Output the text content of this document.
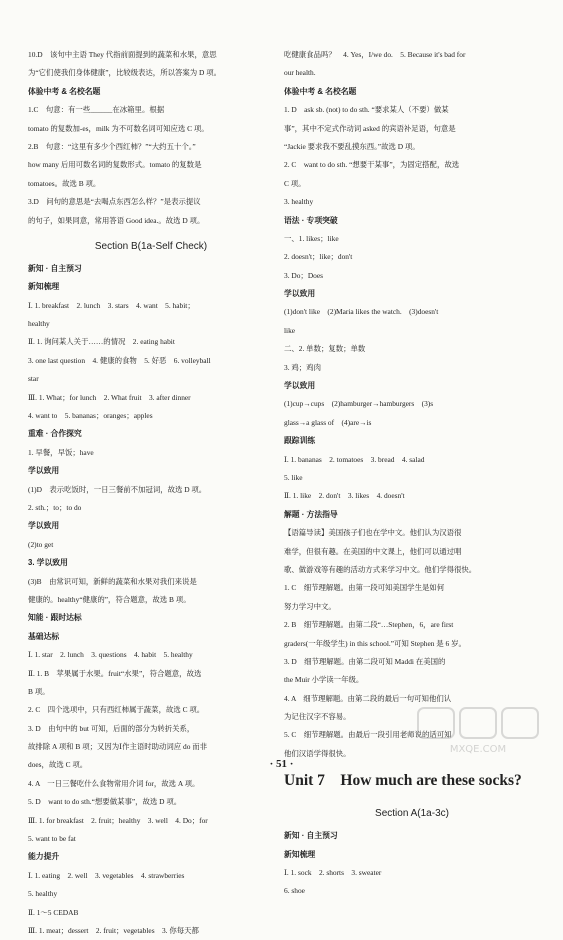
10.D　该句中主语 They 代指前面提到的蔬菜和水果，意思
为“它们使我们身体健康”，比较级表达，所以答案为 D 项。
体验中考 & 名校名题
1.C　句意：有一些______在冰箱里。根据
tomato 的复数加-es，milk 为不可数名词可知应选 C 项。
2.B　句意：“这里有多少个西红柿？”“大约五十个。”
how many 后用可数名词的复数形式。tomato 的复数是
tomatoes。故选 B 项。
3.D　问句的意思是“去喝点东西怎么样？”是表示提议
的句子，如果同意，常用答语 Good idea.。故选 D 项。
Section B(1a-Self Check)
新知 · 自主预习
新知梳理
Ⅰ. 1. breakfast　2. lunch　3. stars　4. want　5. habit；
healthy
Ⅱ. 1. 询问某人关于……的情况　2. eating habit
3. one last question　4. 健康的食物　5. 好恶　6. volleyball
star
Ⅲ. 1. What；for lunch　2. What fruit　3. after dinner
4. want to　5. bananas；oranges；apples
重难 · 合作探究
1. 早餐，早饭；have
学以致用
(1)D　表示吃饭时，一日三餐前不加冠词，故选 D 项。
2. sth.；to；to do
学以致用
(2)to get
3. 学以致用
(3)B　由常识可知，新鲜的蔬菜和水果对我们来说是
健康的。healthy“健康的”，符合题意，故选 B 项。
知能 · 跟时达标
基础达标
Ⅰ. 1. star　2. lunch　3. questions　4. habit　5. healthy
Ⅱ. 1. B　苹果属于水果。fruit“水果”，符合题意，故选
B 项。
2. C　四个选项中，只有西红柿属于蔬菜，故选 C 项。
3. D　由句中的 but 可知，后面的部分为转折关系，
故排除 A 项和 B 项；又因为Ⅰ作主语时助动词应 do 而非
does，故选 C 项。
4. A　一日三餐吃什么食物常用介词 for，故选 A 项。
5. D　want to do sth.“想要做某事”，故选 D 项。
Ⅲ. 1. for breakfast　2. fruit；healthy　3. well　4. Do；for
5. want to be fat
能力提升
Ⅰ. 1. eating　2. well　3. vegetables　4. strawberries
5. healthy
Ⅱ. 1～5 CEDAB
Ⅲ. 1. meat；dessert　2. fruit；vegetables　3. 你每天都
吃健康食品吗？　4. Yes，I/we do.　5. Because it's bad for
our health.
体验中考 & 名校名题
1. D　ask sb. (not) to do sth. “要求某人（不要）做某
事”，其中不定式作动词 asked 的宾语补足语，句意是
“Jackie 要求我不要乱摸东西。”故选 D 项。
2. C　want to do sth. “想要干某事”，为固定搭配，故选
C 项。
3. healthy
语法 · 专项突破
一、1. likes；like
2. doesn't；like；don't
3. Do；Does
学以致用
(1)don't like　(2)Maria likes the watch.　(3)doesn't
like
二、2. 单数；复数；单数
3. 鸡；鸡肉
学以致用
(1)cup→cups　(2)hamburger→hamburgers　(3)s
glass→a glass of　(4)are→is
跟踪训练
Ⅰ. 1. bananas　2. tomatoes　3. bread　4. salad
5. like
Ⅱ. 1. like　2. don't　3. likes　4. doesn't
解题 · 方法指导
【语篇导读】美国孩子们也在学中文。他们认为汉语很
难学，但很有趣。在美国的中文课上，他们可以通过唱
歌、做游戏等有趣的活动方式来学习中文。他们学得很快。
1. C　细节理解题。由第一段可知美国学生是如何
努力学习中文。
2. B　细节理解题。由第二段“…Stephen，6，are first
graders(一年级学生) in this school.”可知 Stephen 是 6 岁。
3. D　细节理解题。由第二段可知 Maddi 在美国的
the Muir 小学读一年级。
4. A　细节理解题。由第二段的最后一句可知他们认
为记住汉字不容易。
5. C　细节理解题。由最后一段引用老师说的话可知
他们汉语学得很快。
Unit 7　How much are these socks?
Section A(1a-3c)
新知 · 自主预习
新知梳理
Ⅰ. 1. sock　2. shorts　3. sweater
6. shoe
· 51 ·
MXQE.COM
